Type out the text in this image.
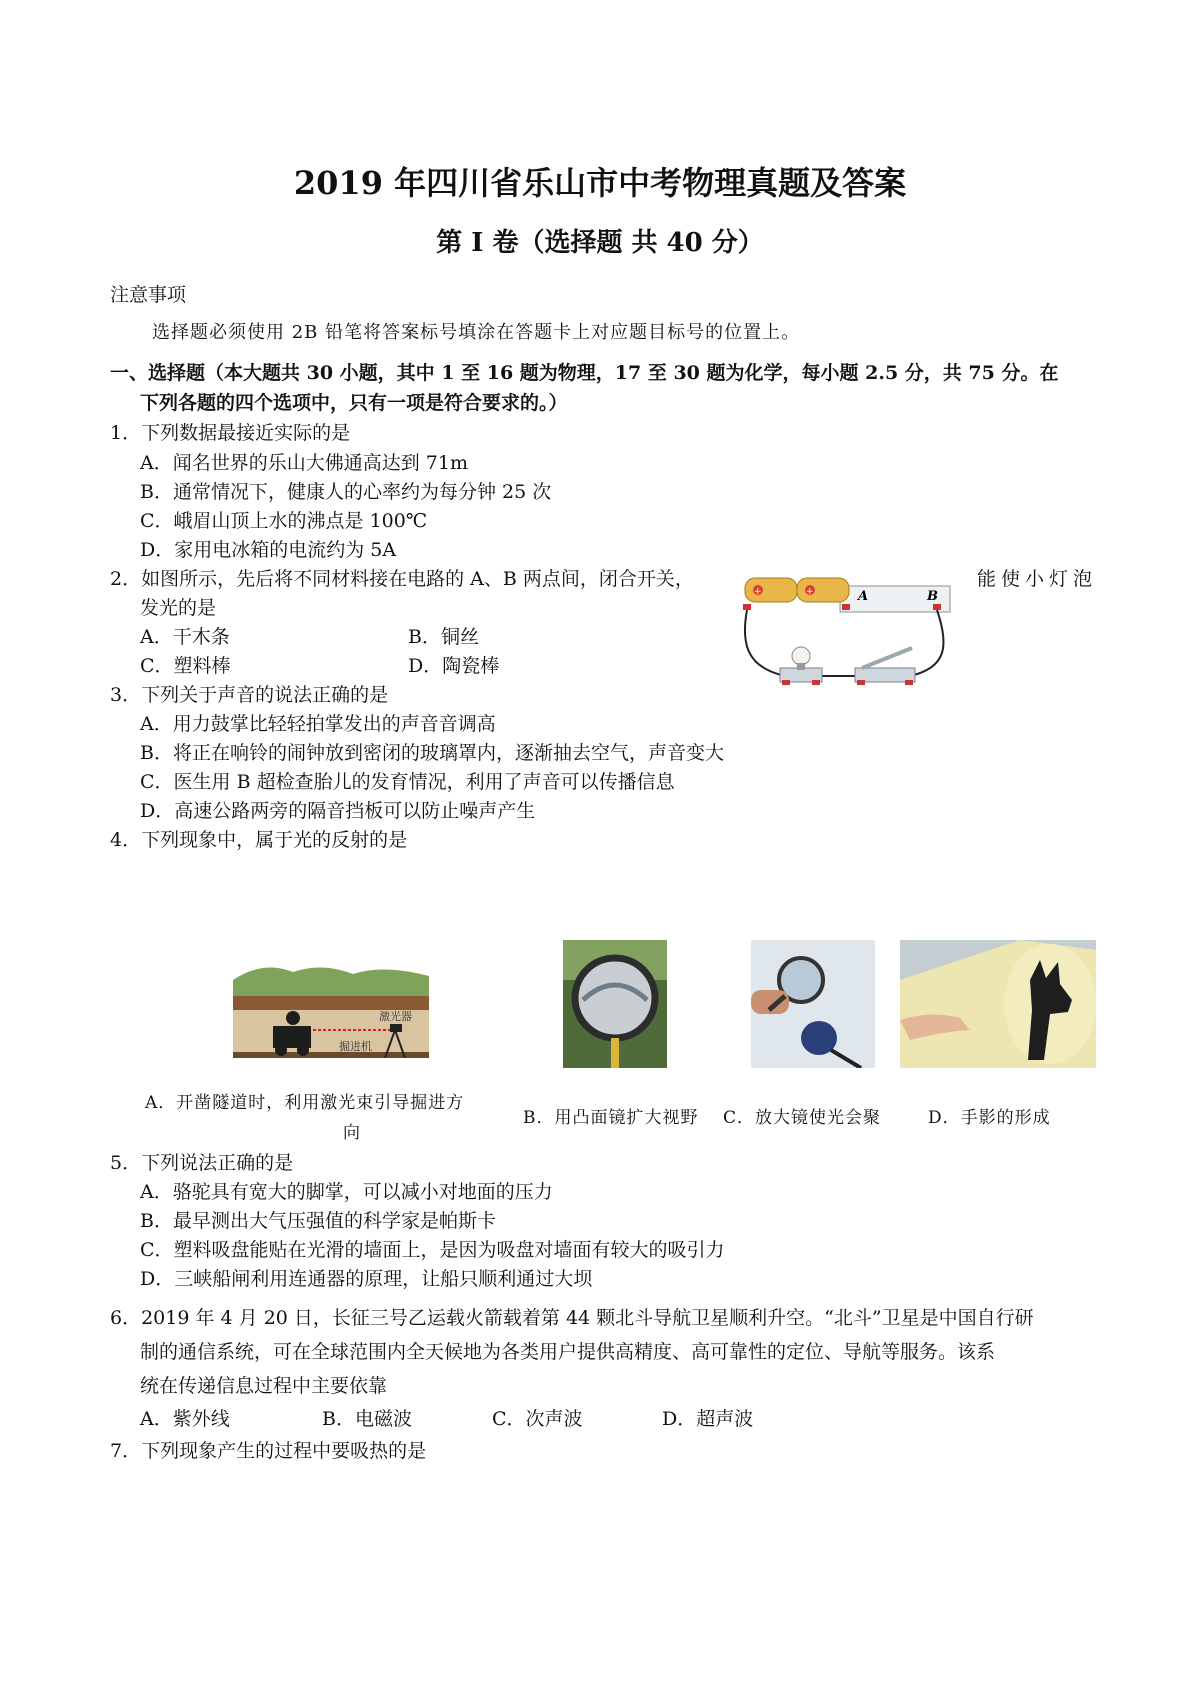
2019 年四川省乐山市中考物理真题及答案
第 I 卷（选择题 共 40 分）
注意事项
选择题必须使用 2B 铅笔将答案标号填涂在答题卡上对应题目标号的位置上。
一、选择题（本大题共 30 小题，其中 1 至 16 题为物理，17 至 30 题为化学，每小题 2.5 分，共 75 分。在
下列各题的四个选项中，只有一项是符合要求的。）
1．下列数据最接近实际的是
A．闻名世界的乐山大佛通高达到 71m
B．通常情况下，健康人的心率约为每分钟 25 次
C．峨眉山顶上水的沸点是 100℃
D．家用电冰箱的电流约为 5A
2．如图所示，先后将不同材料接在电路的 A、B 两点间，闭合开关，	能使小灯泡
发光的是
A．干木条	B．铜丝
C．塑料棒	D．陶瓷棒
+	+	A	B
3．下列关于声音的说法正确的是
A．用力鼓掌比轻轻拍掌发出的声音音调高
B．将正在响铃的闹钟放到密闭的玻璃罩内，逐渐抽去空气，声音变大
C．医生用 B 超检查胎儿的发育情况，利用了声音可以传播信息
D．高速公路两旁的隔音挡板可以防止噪声产生
4．下列现象中，属于光的反射的是
激光器
掘进机
A．开凿隧道时，利用激光束引导掘进方
向
B．用凸面镜扩大视野 C．放大镜使光会聚	D．手影的形成
5．下列说法正确的是
A．骆驼具有宽大的脚掌，可以减小对地面的压力
B．最早测出大气压强值的科学家是帕斯卡
C．塑料吸盘能贴在光滑的墙面上，是因为吸盘对墙面有较大的吸引力
D．三峡船闸利用连通器的原理，让船只顺利通过大坝
6．2019 年 4 月 20 日，长征三号乙运载火箭载着第 44 颗北斗导航卫星顺利升空。“北斗”卫星是中国自行研
制的通信系统，可在全球范围内全天候地为各类用户提供高精度、高可靠性的定位、导航等服务。该系
统在传递信息过程中主要依靠
A．紫外线	B．电磁波	C．次声波	D．超声波
7．下列现象产生的过程中要吸热的是
